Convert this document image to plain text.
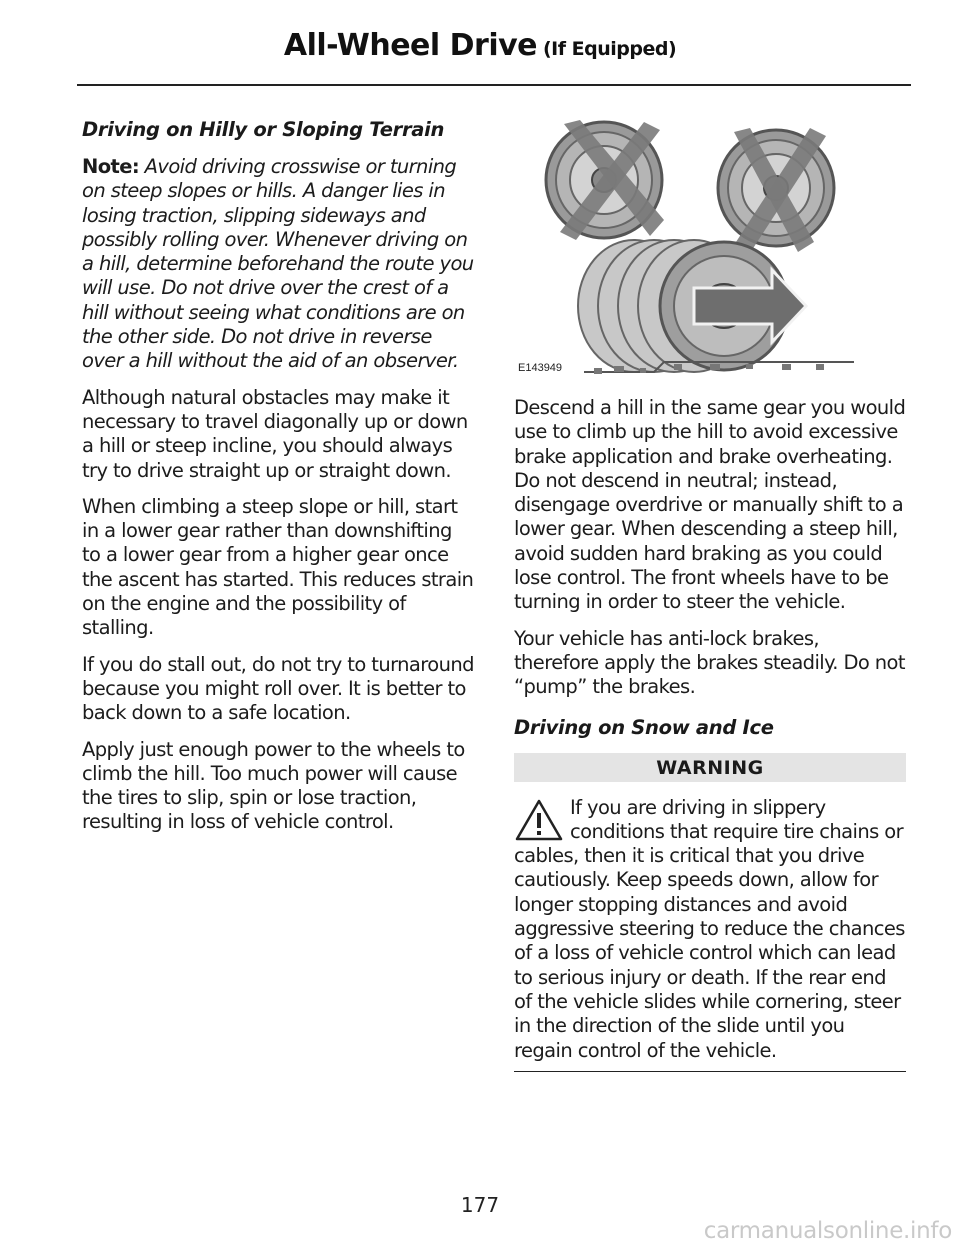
All-Wheel Drive (If Equipped)
Driving on Hilly or Sloping Terrain

Note: Avoid driving crosswise or turning on steep slopes or hills. A danger lies in losing traction, slipping sideways and possibly rolling over. Whenever driving on a hill, determine beforehand the route you will use. Do not drive over the crest of a hill without seeing what conditions are on the other side. Do not drive in reverse over a hill without the aid of an observer.

Although natural obstacles may make it necessary to travel diagonally up or down a hill or steep incline, you should always try to drive straight up or straight down.

When climbing a steep slope or hill, start in a lower gear rather than downshifting to a lower gear from a higher gear once the ascent has started. This reduces strain on the engine and the possibility of stalling.

If you do stall out, do not try to turnaround because you might roll over. It is better to back down to a safe location.

Apply just enough power to the wheels to climb the hill. Too much power will cause the tires to slip, spin or lose traction, resulting in loss of vehicle control.

E143949

Descend a hill in the same gear you would use to climb up the hill to avoid excessive brake application and brake overheating. Do not descend in neutral; instead, disengage overdrive or manually shift to a lower gear. When descending a steep hill, avoid sudden hard braking as you could lose control. The front wheels have to be turning in order to steer the vehicle.

Your vehicle has anti-lock brakes, therefore apply the brakes steadily. Do not “pump” the brakes.

Driving on Snow and Ice
WARNING

If you are driving in slippery conditions that require tire chains or cables, then it is critical that you drive cautiously. Keep speeds down, allow for longer stopping distances and avoid aggressive steering to reduce the chances of a loss of vehicle control which can lead to serious injury or death. If the rear end of the vehicle slides while cornering, steer in the direction of the slide until you regain control of the vehicle.

177
carmanualsonline.info
